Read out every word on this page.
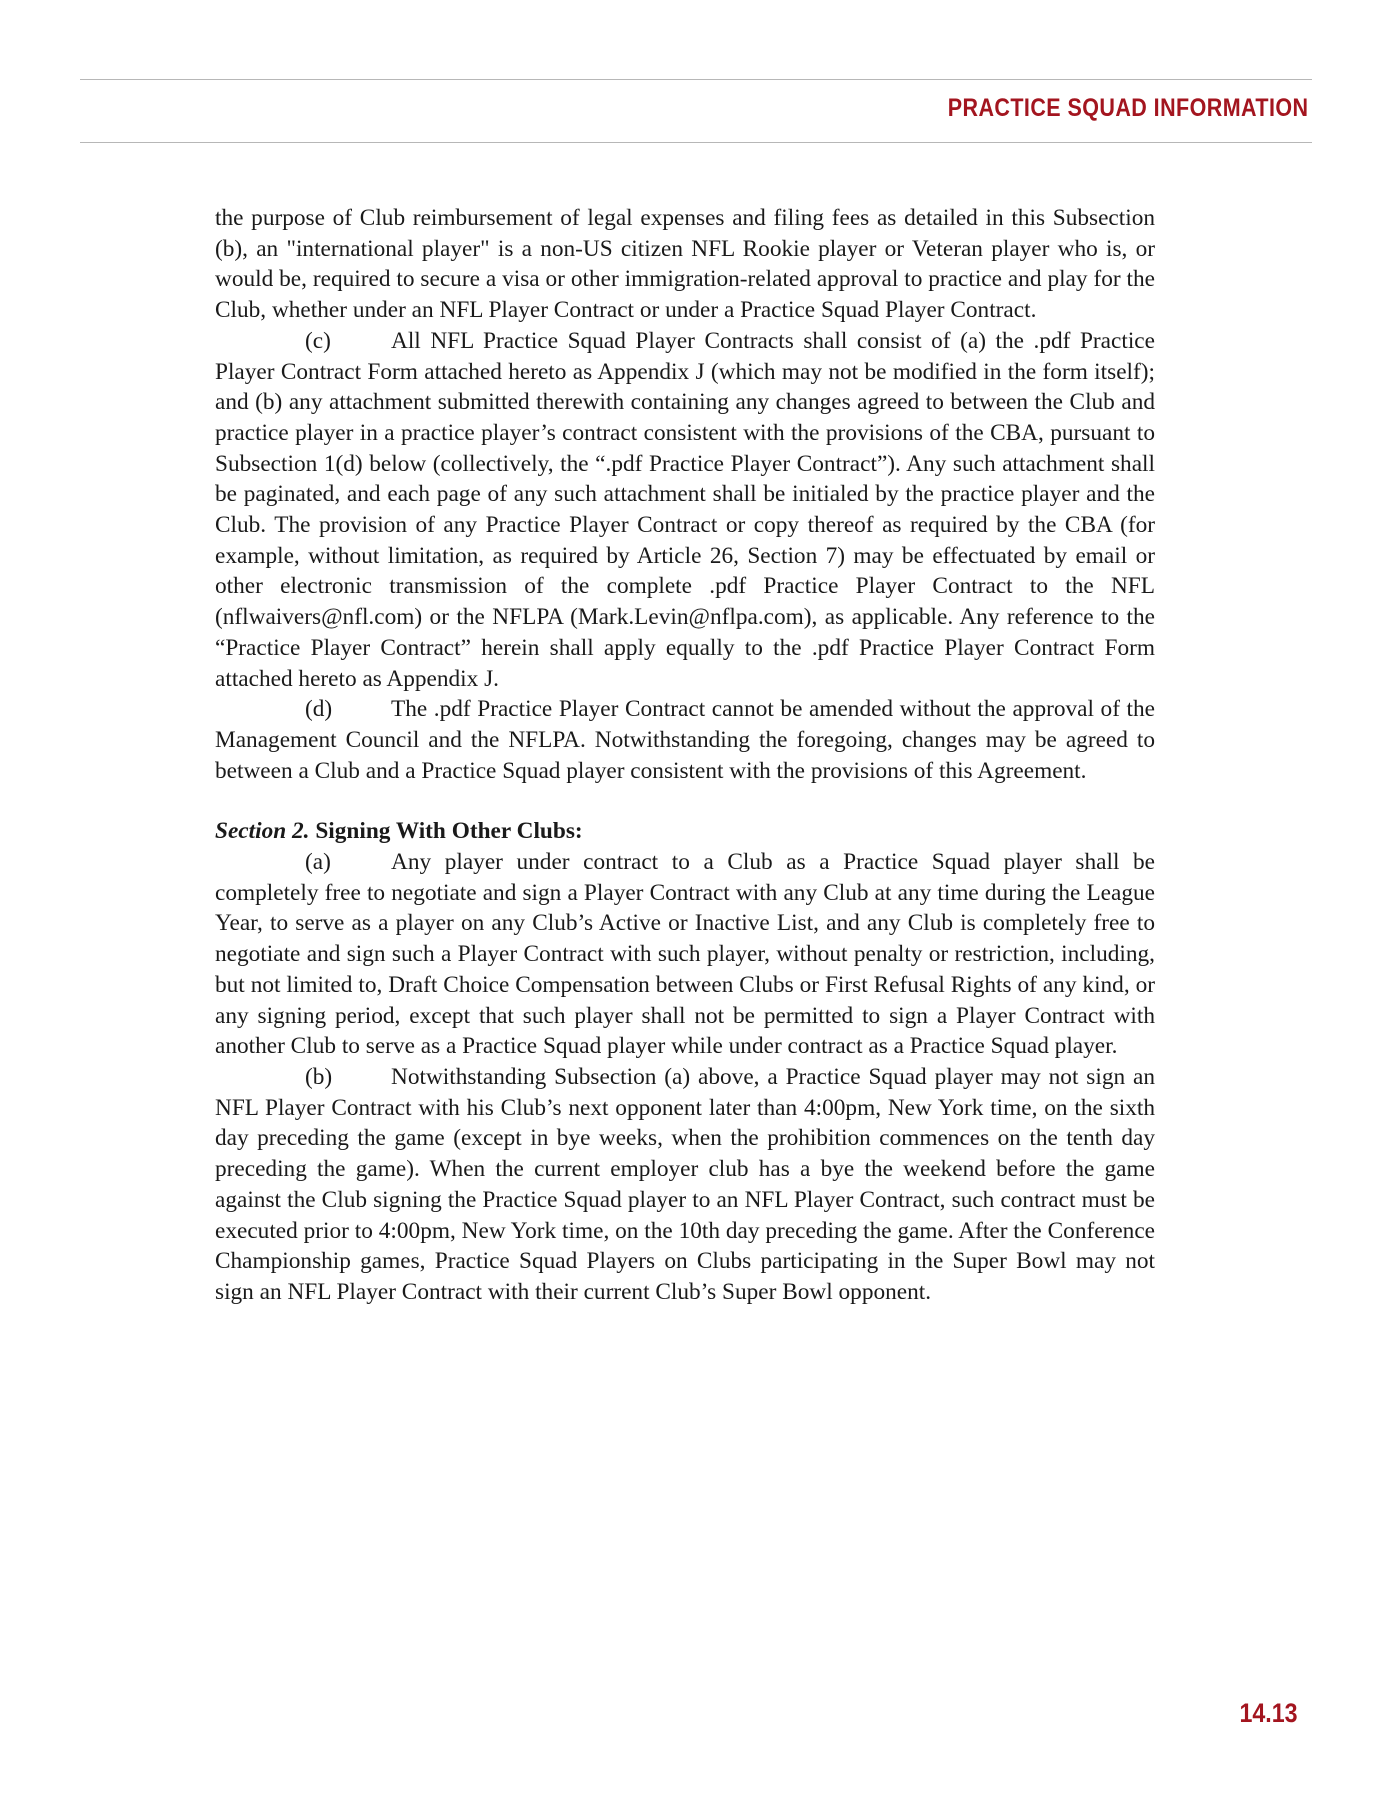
PRACTICE SQUAD INFORMATION

the purpose of Club reimbursement of legal expenses and filing fees as detailed in this Subsection (b), an "international player" is a non-US citizen NFL Rookie player or Veteran player who is, or would be, required to secure a visa or other immigration-related approval to practice and play for the Club, whether under an NFL Player Contract or under a Practice Squad Player Contract.

(c)	All NFL Practice Squad Player Contracts shall consist of (a) the .pdf Practice Player Contract Form attached hereto as Appendix J (which may not be modified in the form itself); and (b) any attachment submitted therewith containing any changes agreed to between the Club and practice player in a practice player’s contract consistent with the provisions of the CBA, pursuant to Subsection 1(d) below (collectively, the “.pdf Practice Player Contract”). Any such attachment shall be paginated, and each page of any such attachment shall be initialed by the practice player and the Club. The provision of any Practice Player Contract or copy thereof as required by the CBA (for example, without limitation, as required by Article 26, Section 7) may be effectuated by email or other electronic transmission of the complete .pdf Practice Player Contract to the NFL (nflwaivers@nfl.com) or the NFLPA (Mark.Levin@nflpa.com), as applicable. Any reference to the “Practice Player Contract” herein shall apply equally to the .pdf Practice Player Contract Form attached hereto as Appendix J.

(d)	The .pdf Practice Player Contract cannot be amended without the approval of the Management Council and the NFLPA. Notwithstanding the foregoing, changes may be agreed to between a Club and a Practice Squad player consistent with the provisions of this Agreement.

Section 2. Signing With Other Clubs:

(a)	Any player under contract to a Club as a Practice Squad player shall be completely free to negotiate and sign a Player Contract with any Club at any time during the League Year, to serve as a player on any Club’s Active or Inactive List, and any Club is completely free to negotiate and sign such a Player Contract with such player, without penalty or restriction, including, but not limited to, Draft Choice Compensation between Clubs or First Refusal Rights of any kind, or any signing period, except that such player shall not be permitted to sign a Player Contract with another Club to serve as a Practice Squad player while under contract as a Practice Squad player.

(b)	Notwithstanding Subsection (a) above, a Practice Squad player may not sign an NFL Player Contract with his Club’s next opponent later than 4:00pm, New York time, on the sixth day preceding the game (except in bye weeks, when the prohibition commences on the tenth day preceding the game). When the current employer club has a bye the weekend before the game against the Club signing the Practice Squad player to an NFL Player Contract, such contract must be executed prior to 4:00pm, New York time, on the 10th day preceding the game. After the Conference Championship games, Practice Squad Players on Clubs participating in the Super Bowl may not sign an NFL Player Contract with their current Club’s Super Bowl opponent.

14.13
